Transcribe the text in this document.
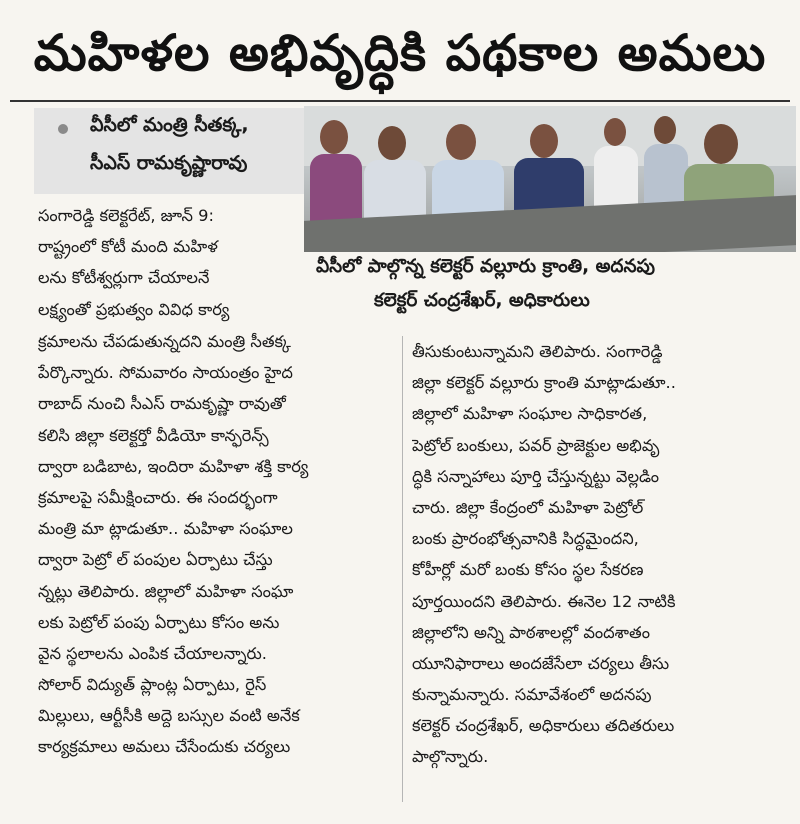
మహిళల అభివృద్ధికి పథకాల అమలు
వీసీలో మంత్రి సీతక్క,
సీఎస్ రామకృష్ణారావు
వీసీలో పాల్గొన్న కలెక్టర్ వల్లూరు క్రాంతి, అదనపు
కలెక్టర్ చంద్రశేఖర్, అధికారులు
సంగారెడ్డి కలెక్టరేట్, జూన్ 9:
రాష్ట్రంలో కోటీ మంది మహిళ
లను కోటీశ్వర్లుగా చేయాలనే
లక్ష్యంతో ప్రభుత్వం వివిధ కార్య
క్రమాలను చేపడుతున్నదని మంత్రి సీతక్క
పేర్కొన్నారు. సోమవారం సాయంత్రం హైద
రాబాద్ నుంచి సీఎస్ రామకృష్ణా రావుతో
కలిసి జిల్లా కలెక్టర్తో వీడియో కాన్ఫరెన్స్
ద్వారా బడిబాట, ఇందిరా మహిళా శక్తి కార్య
క్రమాలపై సమీక్షించారు. ఈ సందర్భంగా
మంత్రి మా ట్లాడుతూ.. మహిళా సంఘాల
ద్వారా పెట్రో ల్ పంపుల ఏర్పాటు చేస్తు
న్నట్లు తెలిపారు. జిల్లాలో మహిళా సంఘా
లకు పెట్రోల్ పంపు ఏర్పాటు కోసం అను
వైన స్థలాలను ఎంపిక చేయాలన్నారు.
సోలార్ విద్యుత్ ప్లాంట్ల ఏర్పాటు, రైస్
మిల్లులు, ఆర్టీసీకి అద్దె బస్సుల వంటి అనేక
కార్యక్రమాలు అమలు చేసేందుకు చర్యలు
తీసుకుంటున్నామని తెలిపారు. సంగారెడ్డి
జిల్లా కలెక్టర్ వల్లూరు క్రాంతి మాట్లాడుతూ..
జిల్లాలో మహిళా సంఘాల సాధికారత,
పెట్రోల్ బంకులు, పవర్ ప్రాజెక్టుల అభివృ
ద్ధికి సన్నాహాలు పూర్తి చేస్తున్నట్టు వెల్లడిం
చారు. జిల్లా కేంద్రంలో మహిళా పెట్రోల్
బంకు ప్రారంభోత్సవానికి సిద్ధమైందని,
కోహీర్లో మరో బంకు కోసం స్థల సేకరణ
పూర్తయిందని తెలిపారు. ఈనెల 12 నాటికి
జిల్లాలోని అన్ని పాఠశాలల్లో వందశాతం
యూనిఫారాలు అందజేసేలా చర్యలు తీసు
కున్నామన్నారు. సమావేశంలో అదనపు
కలెక్టర్ చంద్రశేఖర్, అధికారులు తదితరులు
పాల్గొన్నారు.
